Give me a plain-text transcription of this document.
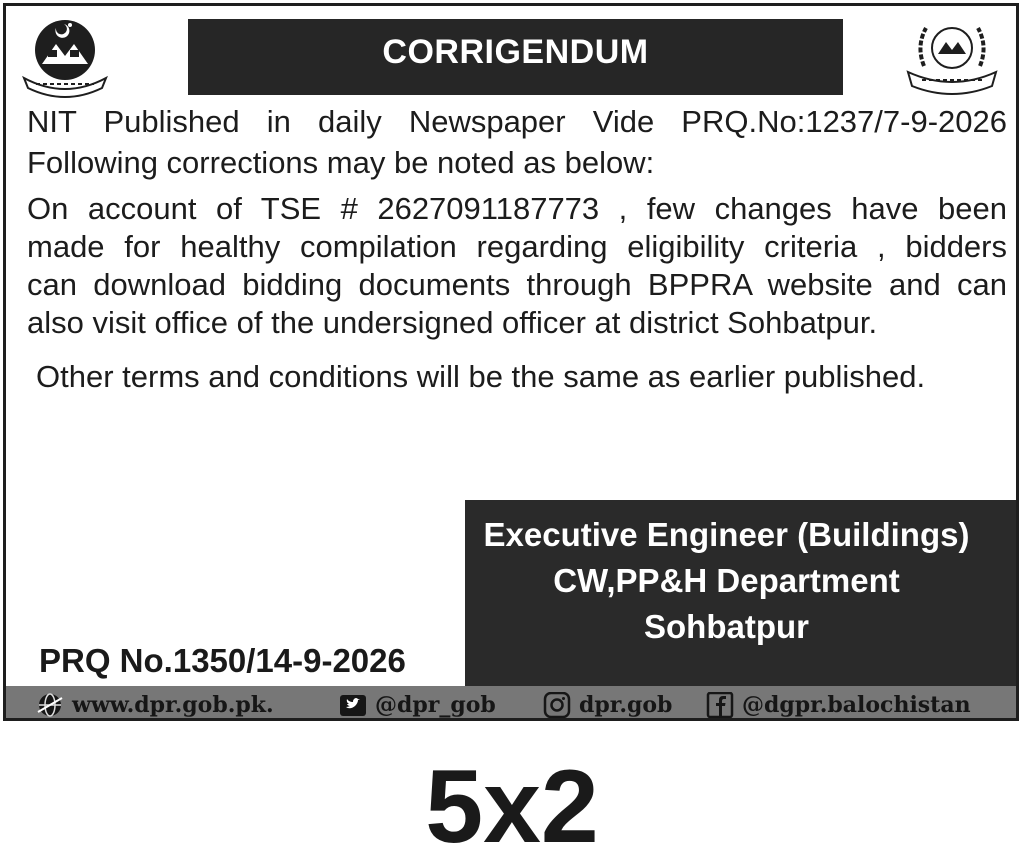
CORRIGENDUM
NIT Published in daily Newspaper Vide PRQ.No:1237/7-9-2026
Following corrections may be noted as below:
On account of TSE # 2627091187773 , few changes have been
made for healthy compilation regarding eligibility criteria , bidders
can download bidding documents through BPPRA website and can
also visit office of the undersigned officer at district Sohbatpur.
Other terms and conditions will be the same as earlier published.
Executive Engineer (Buildings)
CW,PP&H Department
Sohbatpur
PRQ No.1350/14-9-2026
www.dpr.gob.pk.	@dpr_gob	dpr.gob	@dgpr.balochistan
5x2
